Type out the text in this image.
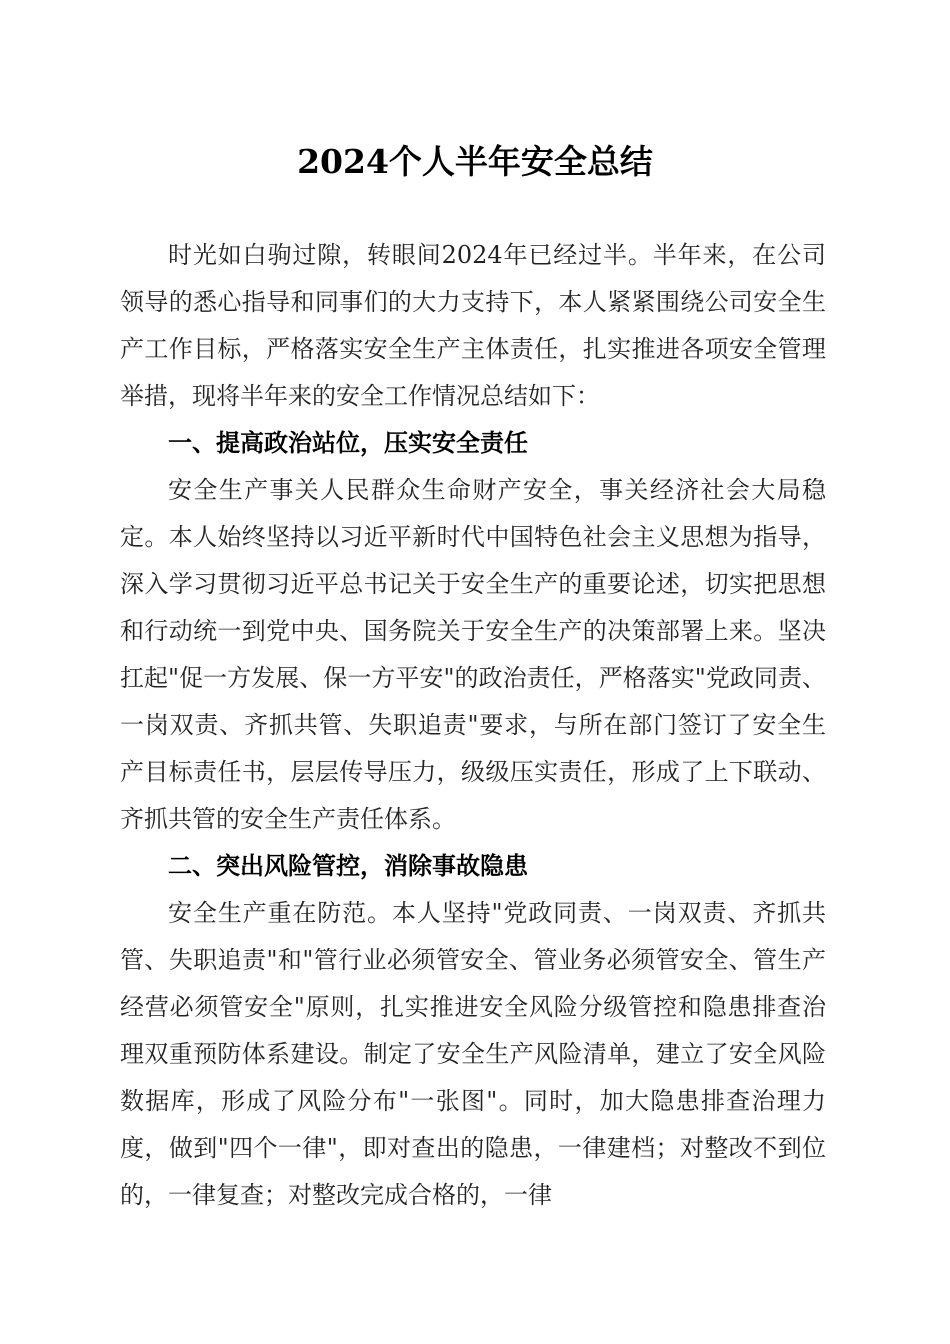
2024个人半年安全总结

时光如白驹过隙，转眼间2024年已经过半。半年来，在公司领导的悉心指导和同事们的大力支持下，本人紧紧围绕公司安全生产工作目标，严格落实安全生产主体责任，扎实推进各项安全管理举措，现将半年来的安全工作情况总结如下：

一、提高政治站位，压实安全责任

安全生产事关人民群众生命财产安全，事关经济社会大局稳定。本人始终坚持以习近平新时代中国特色社会主义思想为指导，深入学习贯彻习近平总书记关于安全生产的重要论述，切实把思想和行动统一到党中央、国务院关于安全生产的决策部署上来。坚决扛起"促一方发展、保一方平安"的政治责任，严格落实"党政同责、一岗双责、齐抓共管、失职追责"要求，与所在部门签订了安全生产目标责任书，层层传导压力，级级压实责任，形成了上下联动、齐抓共管的安全生产责任体系。

二、突出风险管控，消除事故隐患

安全生产重在防范。本人坚持"党政同责、一岗双责、齐抓共管、失职追责"和"管行业必须管安全、管业务必须管安全、管生产经营必须管安全"原则，扎实推进安全风险分级管控和隐患排查治理双重预防体系建设。制定了安全生产风险清单，建立了安全风险数据库，形成了风险分布"一张图"。同时，加大隐患排查治理力度，做到"四个一律"，即对查出的隐患，一律建档；对整改不到位的，一律复查；对整改完成合格的，一律
